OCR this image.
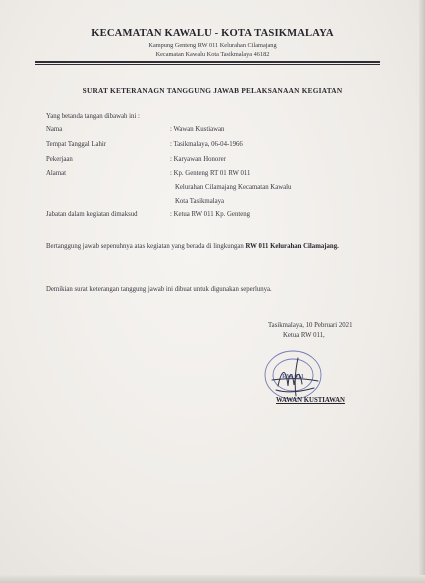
KECAMATAN KAWALU - KOTA TASIKMALAYA
Kampung Genteng RW 011 Kelurahan Cilamajang
Kecamatan Kawalu Kota Tasikmalaya 46182
SURAT KETERANAGN TANGGUNG JAWAB PELAKSANAAN KEGIATAN
Yang betanda tangan dibawah ini :
Nama	: Wawan Kustiawan
Tempat Tanggal Lahir	: Tasikmalaya, 06-04-1966
Pekerjaan	: Karyawan Honorer
Alamat	: Kp. Genteng RT 01 RW 011
Kelurahan Cilamajang Kecamatan Kawalu
Kota Tasikmalaya
Jabatan dalam kegiatan dimaksud	: Ketua RW 011 Kp. Genteng
Bertanggung jawab sepenuhnya atas kegiatan yang berada di lingkungan RW 011 Kelurahan Cilamajang.
Demikian surat keterangan tanggung jawab ini dibuat untuk digunakan seperlunya.
Tasikmalaya, 10 Pebruari 2021
Ketua RW 011,
RW 011
WAWAN KUSTIAWAN
